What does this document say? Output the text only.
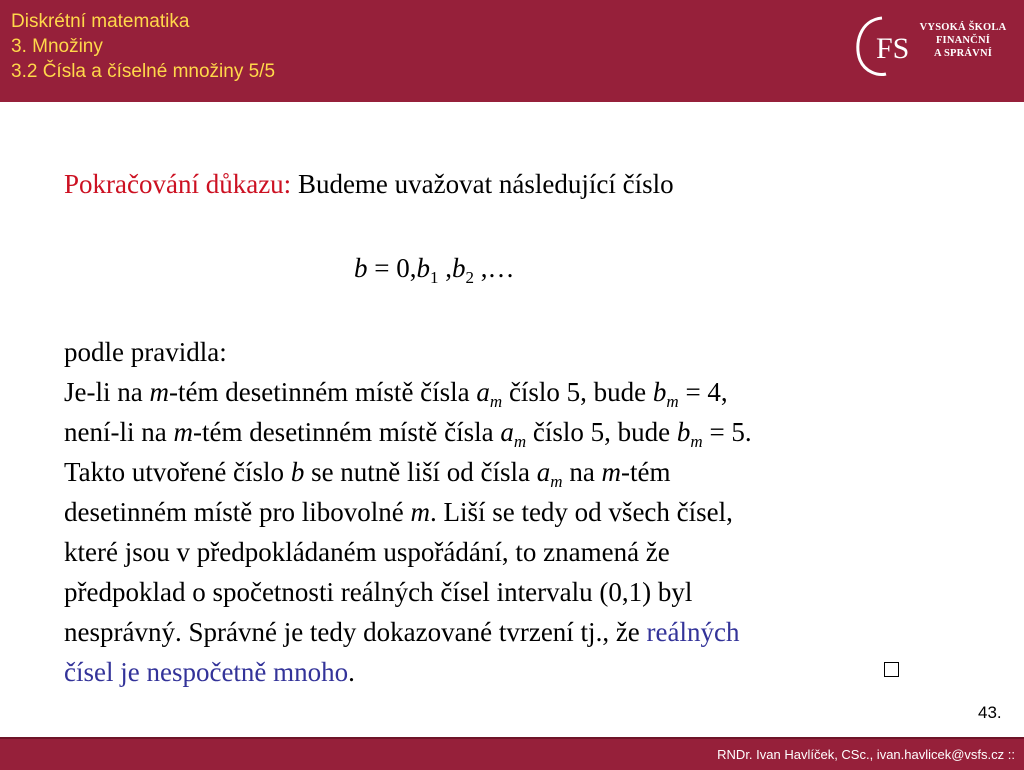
Diskrétní matematika
3. Množiny
3.2 Čísla a číselné množiny 5/5
FS
VYSOKÁ ŠKOLA
FINANČNÍ
A SPRÁVNÍ
Pokračování důkazu: Budeme uvažovat následující číslo
$b = 0,b_1$ $,b_2$ ,…
podle pravidla:
Je-li na m-tém desetinném místě čísla $a_m$ číslo 5, bude $b_m = 4$,
není-li na m-tém desetinném místě čísla $a_m$ číslo 5, bude $b_m = 5$.
Takto utvořené číslo b se nutně liší od čísla $a_m$ na m-tém
desetinném místě pro libovolné m. Liší se tedy od všech čísel,
které jsou v předpokládaném uspořádání, to znamená že
předpoklad o spočetnosti reálných čísel intervalu (0,1) byl
nesprávný. Správné je tedy dokazované tvrzení tj., že reálných
čísel je nespočetně mnoho.
43.
RNDr. Ivan Havlíček, CSc., ivan.havlicek@vsfs.cz ::
